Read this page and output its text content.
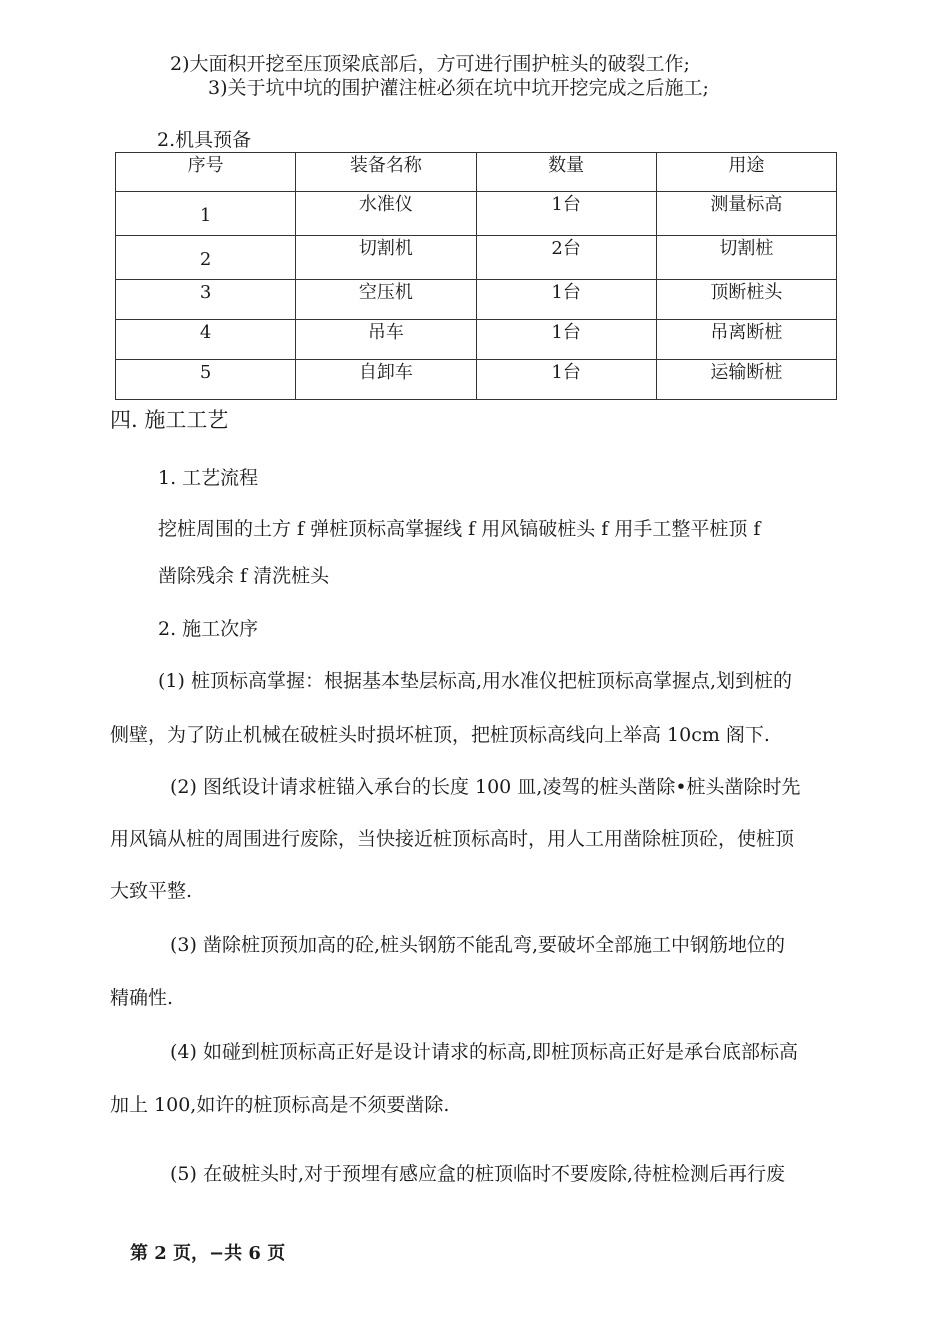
2)大面积开挖至压顶梁底部后，方可进行围护桩头的破裂工作;
3)关于坑中坑的围护灌注桩必须在坑中坑开挖完成之后施工;
2.机具预备
序号	装备名称	数量	用途
1	水准仪	1台	测量标高
2	切割机	2台	切割桩
3	空压机	1台	顶断桩头
4	吊车	1台	吊离断桩
5	自卸车	1台	运输断桩
四. 施工工艺
1. 工艺流程
挖桩周围的土方 f 弹桩顶标高掌握线 f 用风镐破桩头 f 用手工整平桩顶 f
凿除残余 f 清洗桩头
2. 施工次序
(1) 桩顶标高掌握：根据基本垫层标高,用水准仪把桩顶标高掌握点,划到桩的
侧壁，为了防止机械在破桩头时损坏桩顶，把桩顶标高线向上举高 10cm 阁下.
(2) 图纸设计请求桩锚入承台的长度 100 皿,凌驾的桩头凿除•桩头凿除时先
用风镐从桩的周围进行废除，当快接近桩顶标高时，用人工用凿除桩顶砼，使桩顶
大致平整.
(3) 凿除桩顶预加高的砼,桩头钢筋不能乱弯,要破坏全部施工中钢筋地位的
精确性.
(4) 如碰到桩顶标高正好是设计请求的标高,即桩顶标高正好是承台底部标高
加上 100,如许的桩顶标高是不须要凿除.
(5) 在破桩头时,对于预埋有感应盒的桩顶临时不要废除,待桩检测后再行废
第 2 页，−共 6 页
